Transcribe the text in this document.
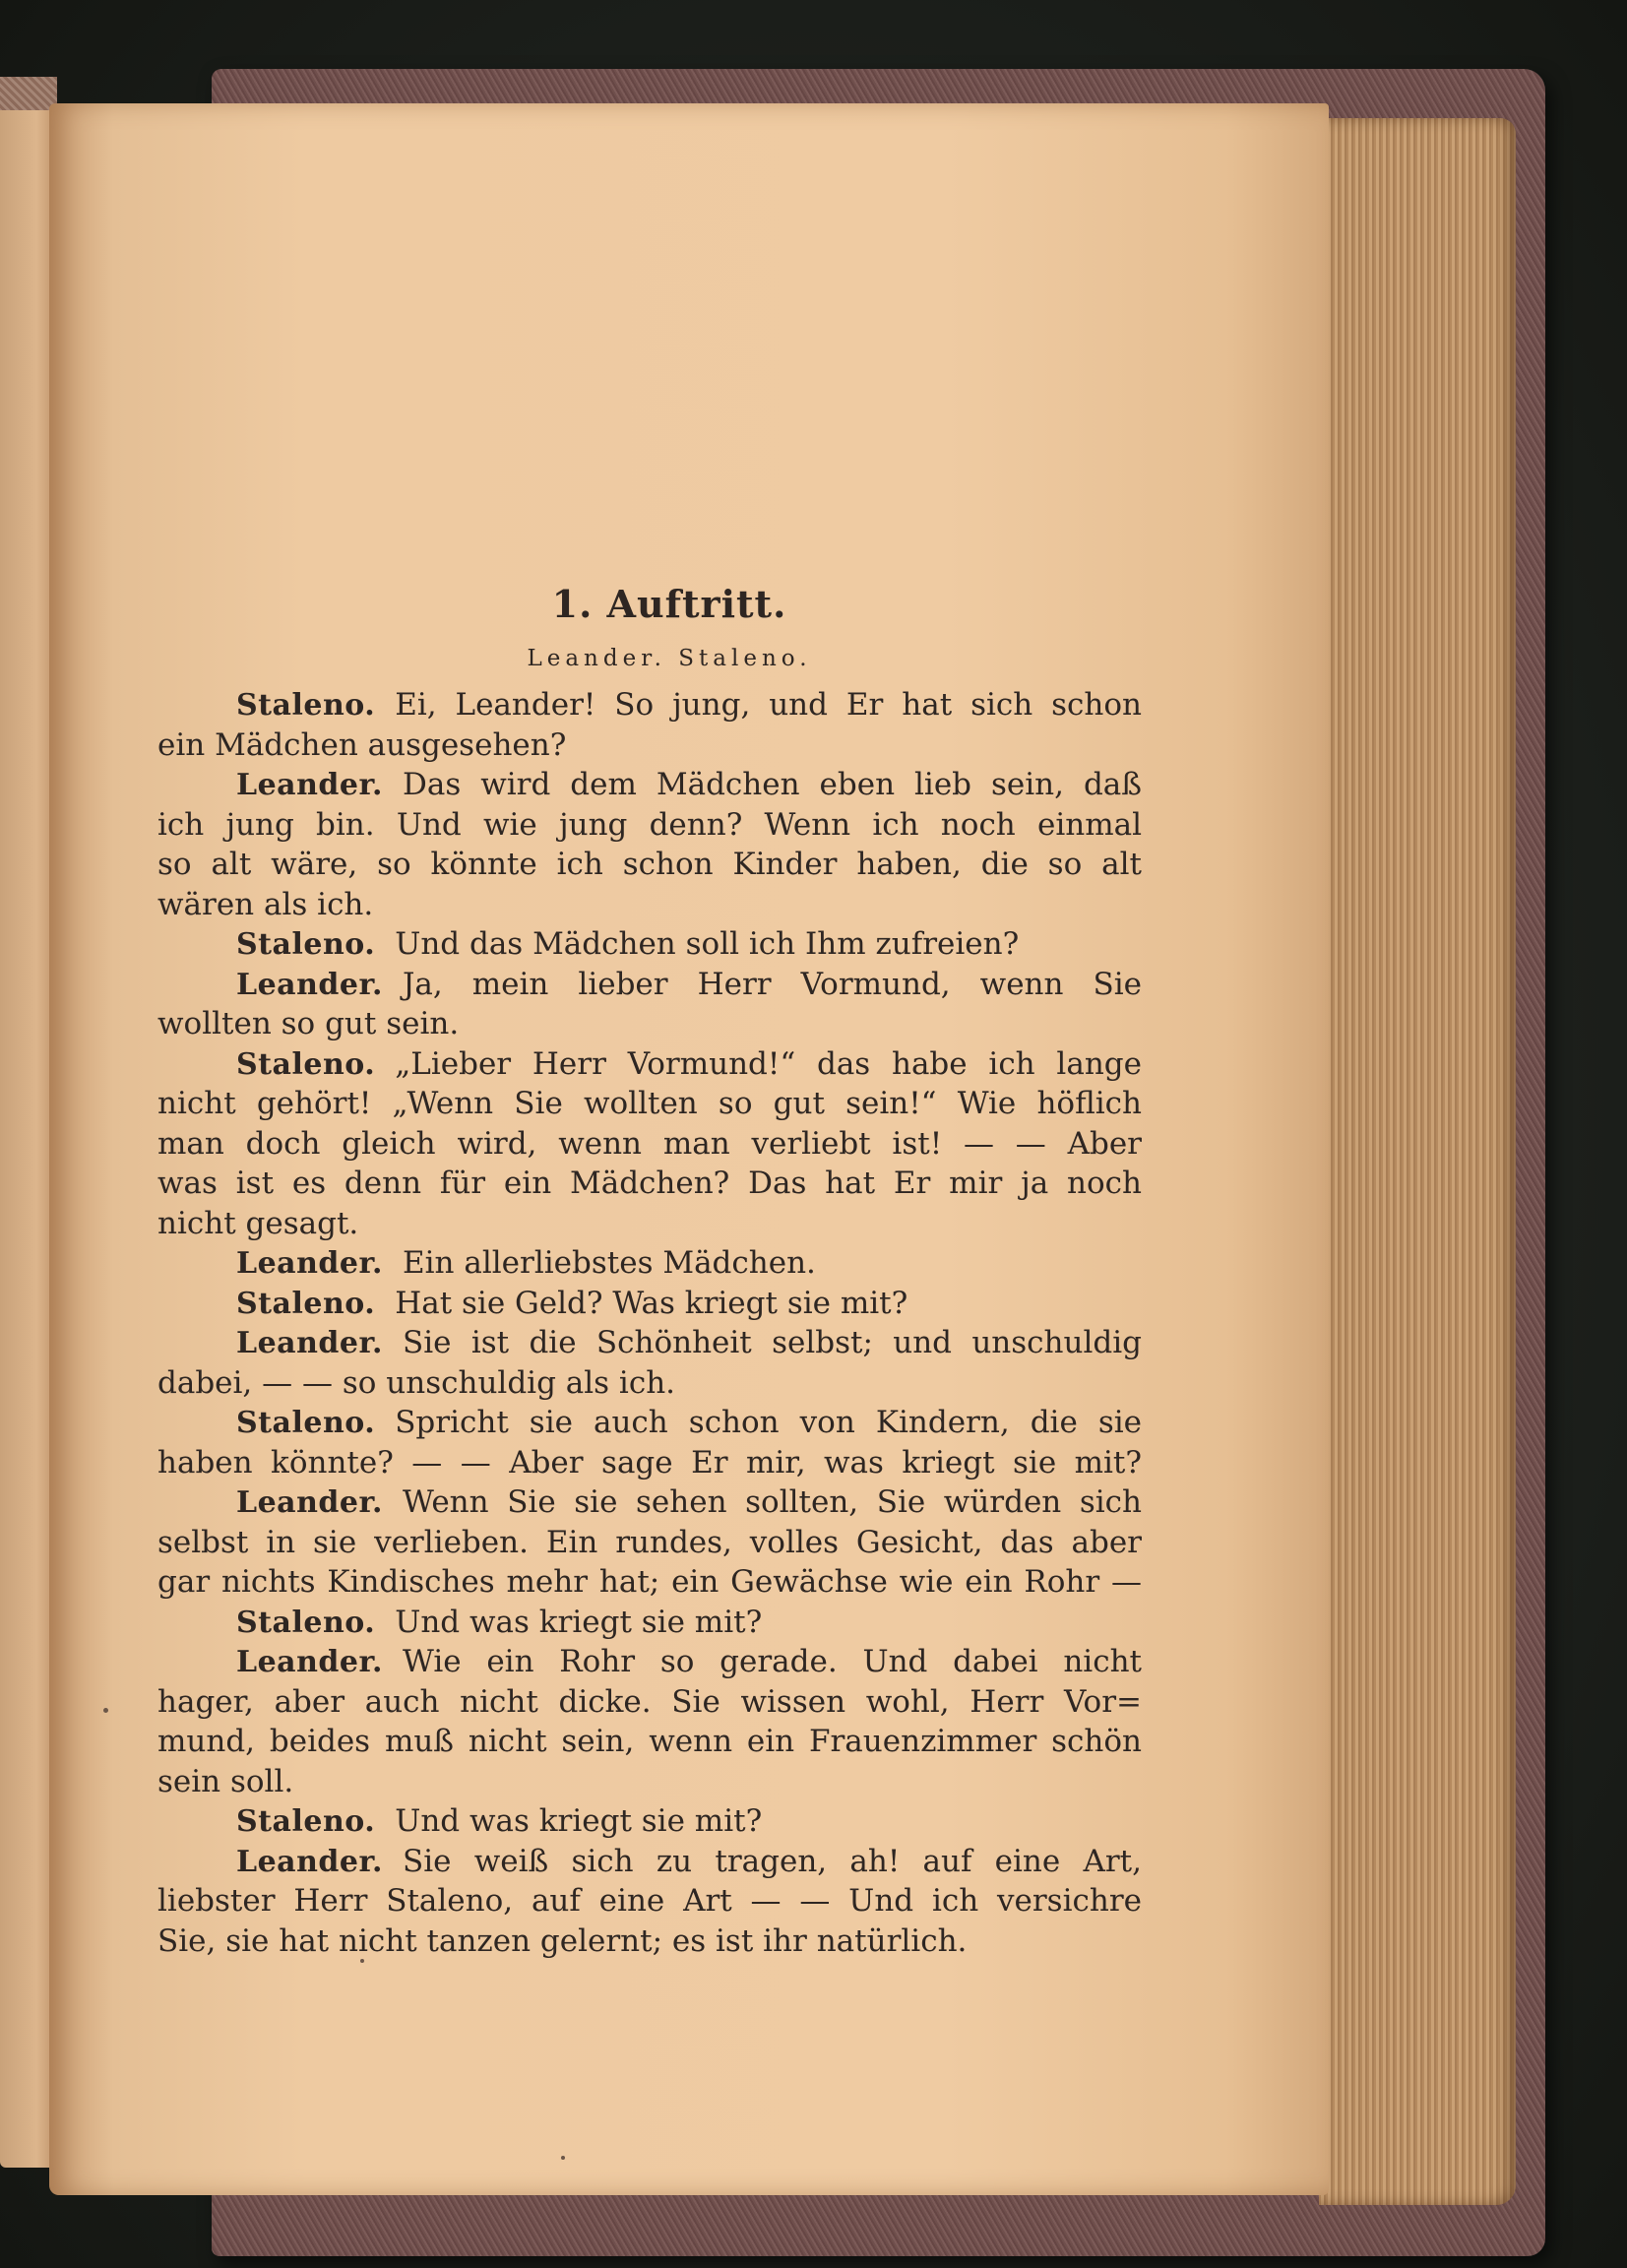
1. Auftritt.
Leander. Staleno.
Staleno. Ei, Leander! So jung, und Er hat sich schon
ein Mädchen ausgesehen?
Leander. Das wird dem Mädchen eben lieb sein, daß
ich jung bin. Und wie jung denn? Wenn ich noch einmal
so alt wäre, so könnte ich schon Kinder haben, die so alt
wären als ich.
Staleno. Und das Mädchen soll ich Ihm zufreien?
Leander. Ja, mein lieber Herr Vormund, wenn Sie
wollten so gut sein.
Staleno. „Lieber Herr Vormund!“ das habe ich lange
nicht gehört! „Wenn Sie wollten so gut sein!“ Wie höflich
man doch gleich wird, wenn man verliebt ist! — — Aber
was ist es denn für ein Mädchen? Das hat Er mir ja noch
nicht gesagt.
Leander. Ein allerliebstes Mädchen.
Staleno. Hat sie Geld? Was kriegt sie mit?
Leander. Sie ist die Schönheit selbst; und unschuldig
dabei, — — so unschuldig als ich.
Staleno. Spricht sie auch schon von Kindern, die sie
haben könnte? — — Aber sage Er mir, was kriegt sie mit?
Leander. Wenn Sie sie sehen sollten, Sie würden sich
selbst in sie verlieben. Ein rundes, volles Gesicht, das aber
gar nichts Kindisches mehr hat; ein Gewächse wie ein Rohr —
Staleno. Und was kriegt sie mit?
Leander. Wie ein Rohr so gerade. Und dabei nicht
hager, aber auch nicht dicke. Sie wissen wohl, Herr Vor=
mund, beides muß nicht sein, wenn ein Frauenzimmer schön
sein soll.
Staleno. Und was kriegt sie mit?
Leander. Sie weiß sich zu tragen, ah! auf eine Art,
liebster Herr Staleno, auf eine Art — — Und ich versichre
Sie, sie hat nicht tanzen gelernt; es ist ihr natürlich.
